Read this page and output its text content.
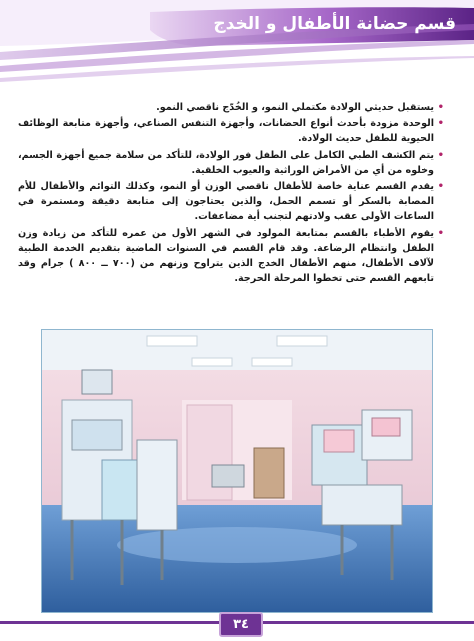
قسم حضانة الأطفال و الخدج
•
يستقبل حديثي الولادة مكتملي النمو، و الخُدّج ناقصي النمو.
•
الوحدة مزودة بأحدث أنواع الحضانات، وأجهزة التنفس الصناعي، وأجهزة متابعة الوظائف الحيوية للطفل حديث الولادة.
•
يتم الكشف الطبي الكامل على الطفل فور الولادة، للتأكد من سلامة جميع أجهزة الجسم، وخلوه من أي من الأمراض الوراثية والعيوب الخلقية.
•
يقدم القسم عناية خاصة للأطفال ناقصي الوزن أو النمو، وكذلك التوائم والأطفال للأم المصابة بالسكر أو تسمم الحمل، والذين يحتاجون إلى متابعة دقيقة ومستمرة في الساعات الأولى عقب ولادتهم لتجنب أية مضاعفات.
•
يقوم الأطباء بالقسم بمتابعة المولود في الشهر الأول من عمره للتأكد من زيادة وزن الطفل وانتظام الرضاعة. وقد قام القسم في السنوات الماضية بتقديم الخدمة الطبية لآلاف الأطفال، منهم الأطفال الخدج الذين يتراوح وزنهم من (٧٠٠ ــ ٨٠٠ ) جرام وقد تابعهم القسم حتى تخطوا المرحلة الحرجة.
٣٤
